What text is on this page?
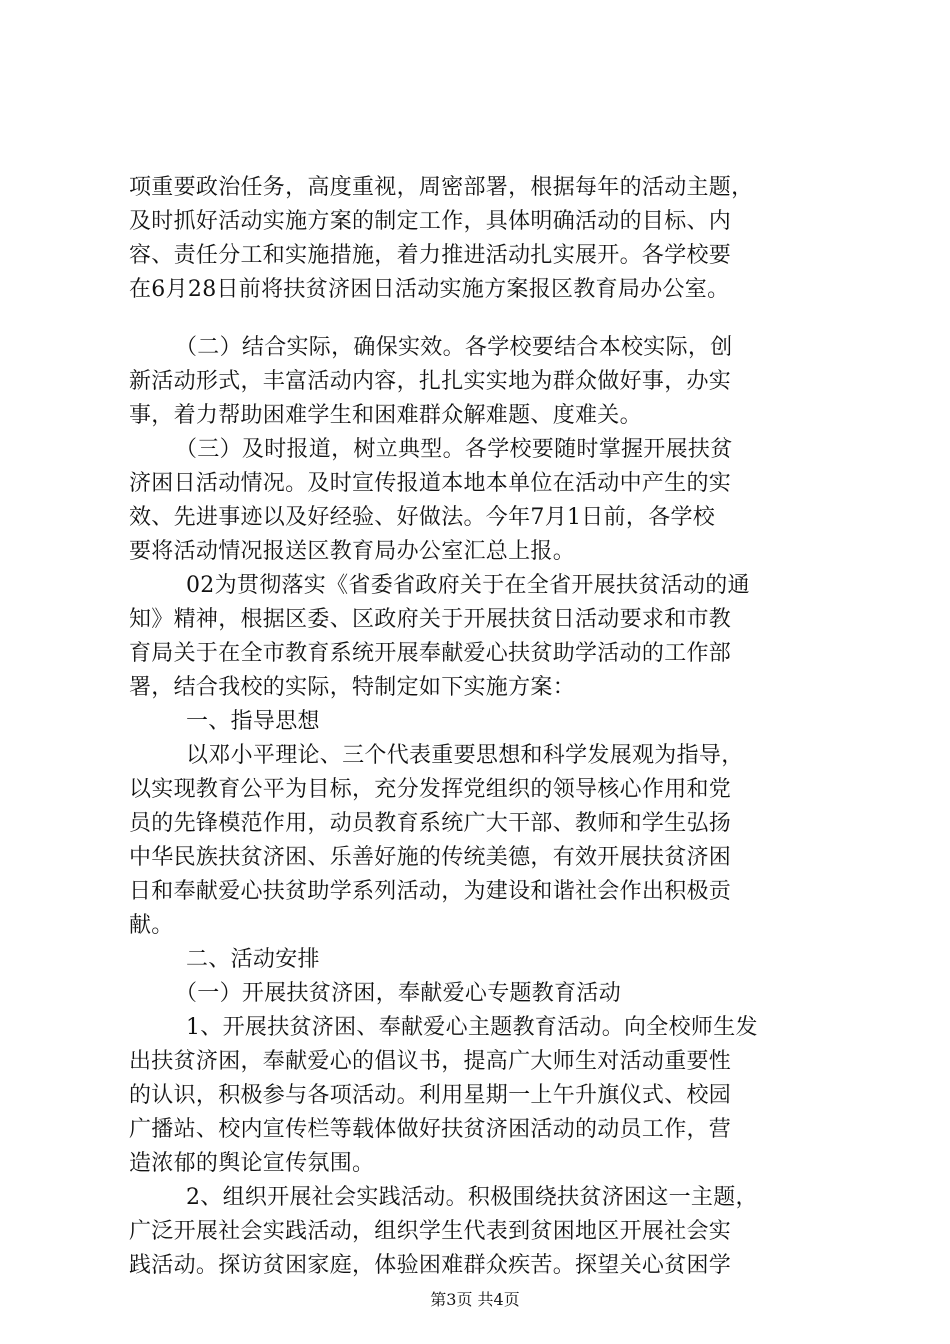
项重要政治任务，高度重视，周密部署，根据每年的活动主题，
及时抓好活动实施方案的制定工作，具体明确活动的目标、内
容、责任分工和实施措施，着力推进活动扎实展开。各学校要
在6月28日前将扶贫济困日活动实施方案报区教育局办公室。
（二）结合实际，确保实效。各学校要结合本校实际，创
新活动形式，丰富活动内容，扎扎实实地为群众做好事，办实
事，着力帮助困难学生和困难群众解难题、度难关。
（三）及时报道，树立典型。各学校要随时掌握开展扶贫
济困日活动情况。及时宣传报道本地本单位在活动中产生的实
效、先进事迹以及好经验、好做法。今年7月1日前，各学校
要将活动情况报送区教育局办公室汇总上报。
02为贯彻落实《省委省政府关于在全省开展扶贫活动的通
知》精神，根据区委、区政府关于开展扶贫日活动要求和市教
育局关于在全市教育系统开展奉献爱心扶贫助学活动的工作部
署，结合我校的实际，特制定如下实施方案：
一、指导思想
以邓小平理论、三个代表重要思想和科学发展观为指导，
以实现教育公平为目标，充分发挥党组织的领导核心作用和党
员的先锋模范作用，动员教育系统广大干部、教师和学生弘扬
中华民族扶贫济困、乐善好施的传统美德，有效开展扶贫济困
日和奉献爱心扶贫助学系列活动，为建设和谐社会作出积极贡
献。
二、活动安排
（一）开展扶贫济困，奉献爱心专题教育活动
1、开展扶贫济困、奉献爱心主题教育活动。向全校师生发
出扶贫济困，奉献爱心的倡议书，提高广大师生对活动重要性
的认识，积极参与各项活动。利用星期一上午升旗仪式、校园
广播站、校内宣传栏等载体做好扶贫济困活动的动员工作，营
造浓郁的舆论宣传氛围。
2、组织开展社会实践活动。积极围绕扶贫济困这一主题，
广泛开展社会实践活动，组织学生代表到贫困地区开展社会实
践活动。探访贫困家庭，体验困难群众疾苦。探望关心贫困学
第3页 共4页
